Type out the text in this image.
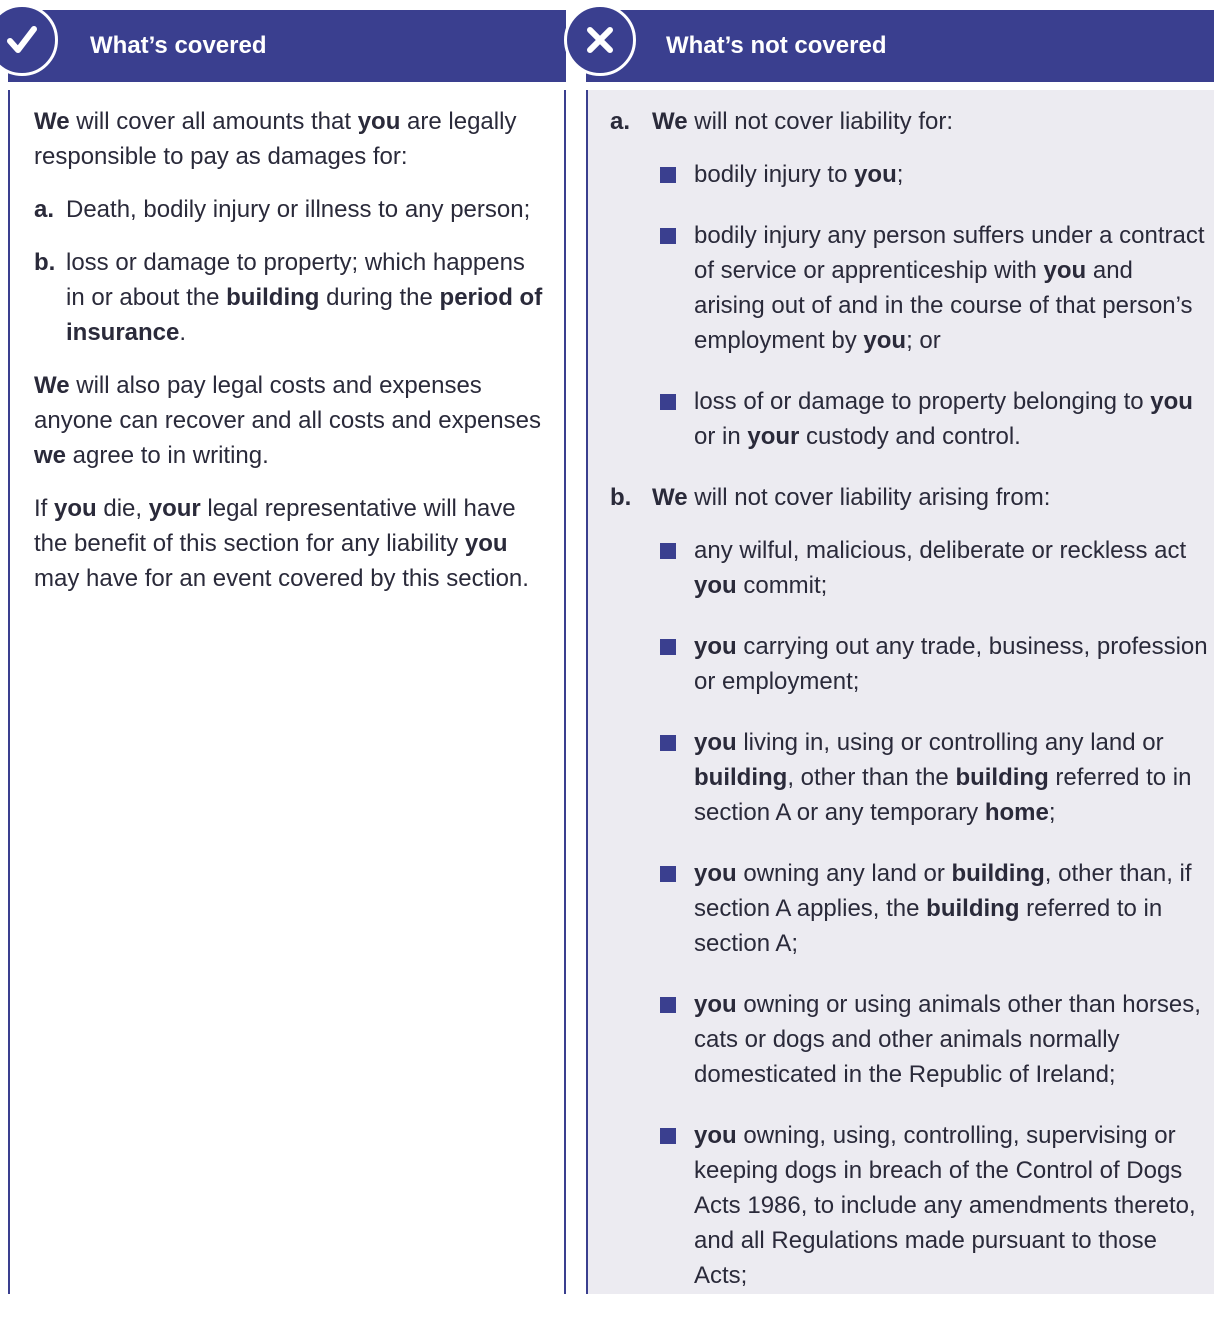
What’s covered

We will cover all amounts that you are legally responsible to pay as damages for:

a. Death, bodily injury or illness to any person;
b. loss or damage to property; which happens in or about the building during the period of insurance.

We will also pay legal costs and expenses anyone can recover and all costs and expenses we agree to in writing.

If you die, your legal representative will have the benefit of this section for any liability you may have for an event covered by this section.

What’s not covered
a. We will not cover liability for:
bodily injury to you;
bodily injury any person suffers under a contract of service or apprenticeship with you and arising out of and in the course of that person’s employment by you; or
loss of or damage to property belonging to you or in your custody and control.
b. We will not cover liability arising from:
any wilful, malicious, deliberate or reckless act you commit;
you carrying out any trade, business, profession or employment;
you living in, using or controlling any land or building, other than the building referred to in section A or any temporary home;
you owning any land or building, other than, if section A applies, the building referred to in section A;
you owning or using animals other than horses, cats or dogs and other animals normally domesticated in the Republic of Ireland;
you owning, using, controlling, supervising or keeping dogs in breach of the Control of Dogs Acts 1986, to include any amendments thereto, and all Regulations made pursuant to those Acts;
